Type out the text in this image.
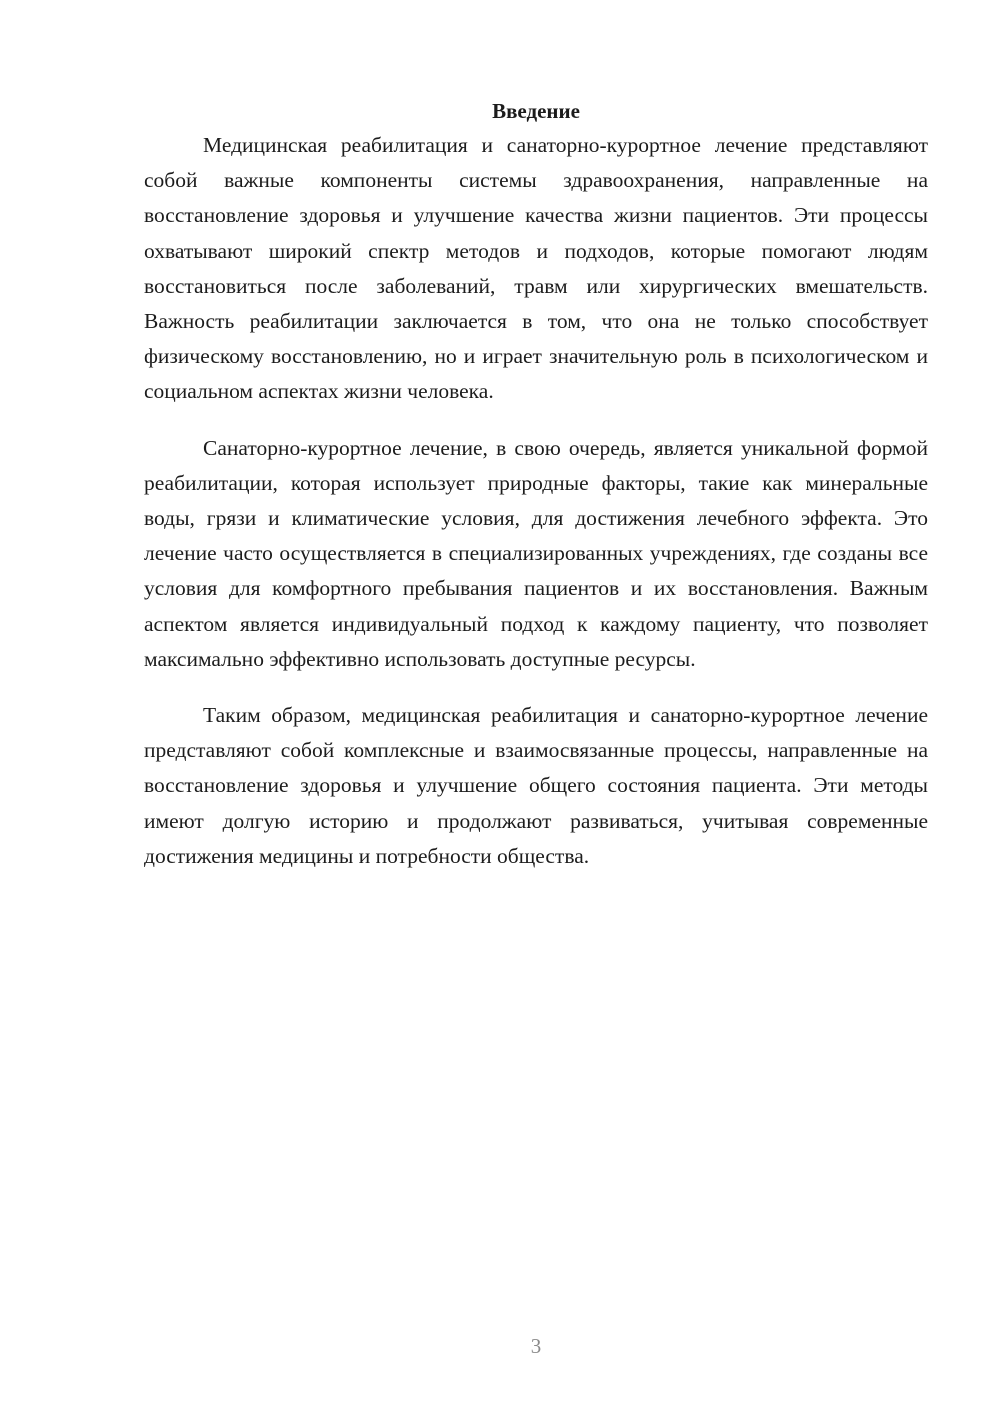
Введение

Медицинская реабилитация и санаторно-курортное лечение представляют собой важные компоненты системы здравоохранения, направленные на восстановление здоровья и улучшение качества жизни пациентов. Эти процессы охватывают широкий спектр методов и подходов, которые помогают людям восстановиться после заболеваний, травм или хирургических вмешательств. Важность реабилитации заключается в том, что она не только способствует физическому восстановлению, но и играет значительную роль в психологическом и социальном аспектах жизни человека.

Санаторно-курортное лечение, в свою очередь, является уникальной формой реабилитации, которая использует природные факторы, такие как минеральные воды, грязи и климатические условия, для достижения лечебного эффекта. Это лечение часто осуществляется в специализированных учреждениях, где созданы все условия для комфортного пребывания пациентов и их восстановления. Важным аспектом является индивидуальный подход к каждому пациенту, что позволяет максимально эффективно использовать доступные ресурсы.

Таким образом, медицинская реабилитация и санаторно-курортное лечение представляют собой комплексные и взаимосвязанные процессы, направленные на восстановление здоровья и улучшение общего состояния пациента. Эти методы имеют долгую историю и продолжают развиваться, учитывая современные достижения медицины и потребности общества.

3
